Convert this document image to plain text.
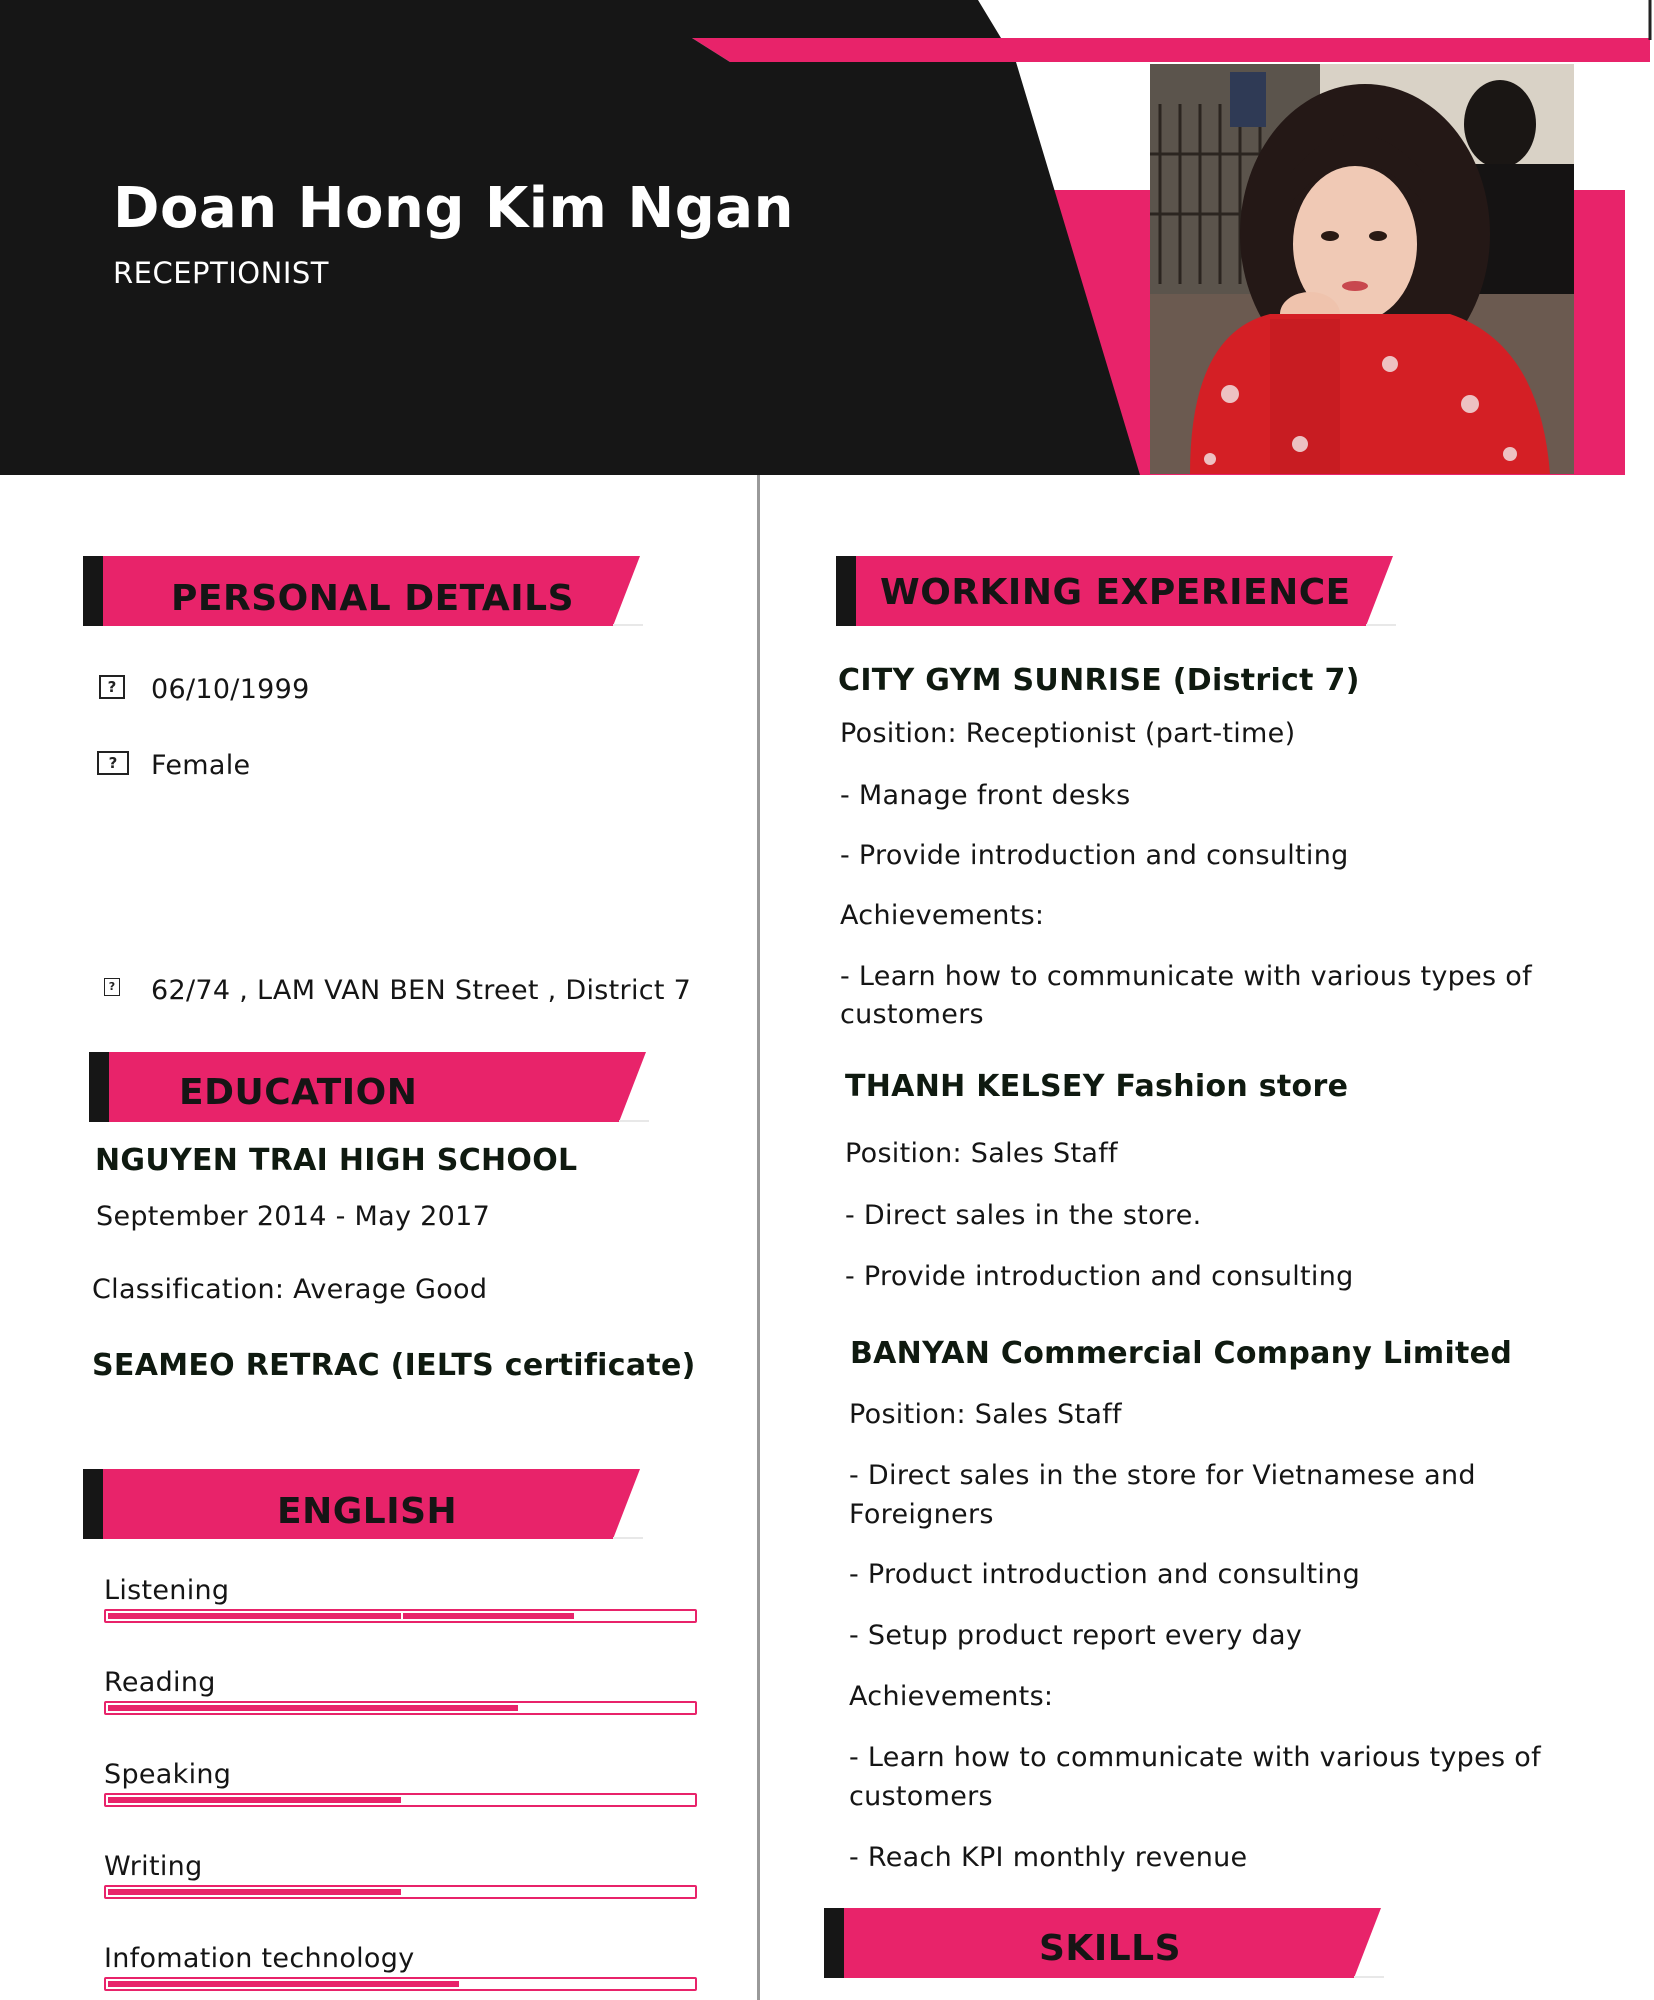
Doan Hong Kim Ngan
RECEPTIONIST
PERSONAL DETAILS
?	06/10/1999
?	Female
? 62/74 , LAM VAN BEN Street , District 7
EDUCATION
NGUYEN TRAI HIGH SCHOOL
September 2014 - May 2017
Classification: Average Good
SEAMEO RETRAC (IELTS certificate)
ENGLISH
Listening
Reading
Speaking
Writing
Infomation technology
WORKING EXPERIENCE
CITY GYM SUNRISE (District 7)
Position: Receptionist (part-time)
- Manage front desks
- Provide introduction and consulting
Achievements:
- Learn how to communicate with various types of
customers
THANH KELSEY Fashion store
Position: Sales Staff
- Direct sales in the store.
- Provide introduction and consulting
BANYAN Commercial Company Limited
Position: Sales Staff
- Direct sales in the store for Vietnamese and
Foreigners
- Product introduction and consulting
- Setup product report every day
Achievements:
- Learn how to communicate with various types of
customers
- Reach KPI monthly revenue
SKILLS
